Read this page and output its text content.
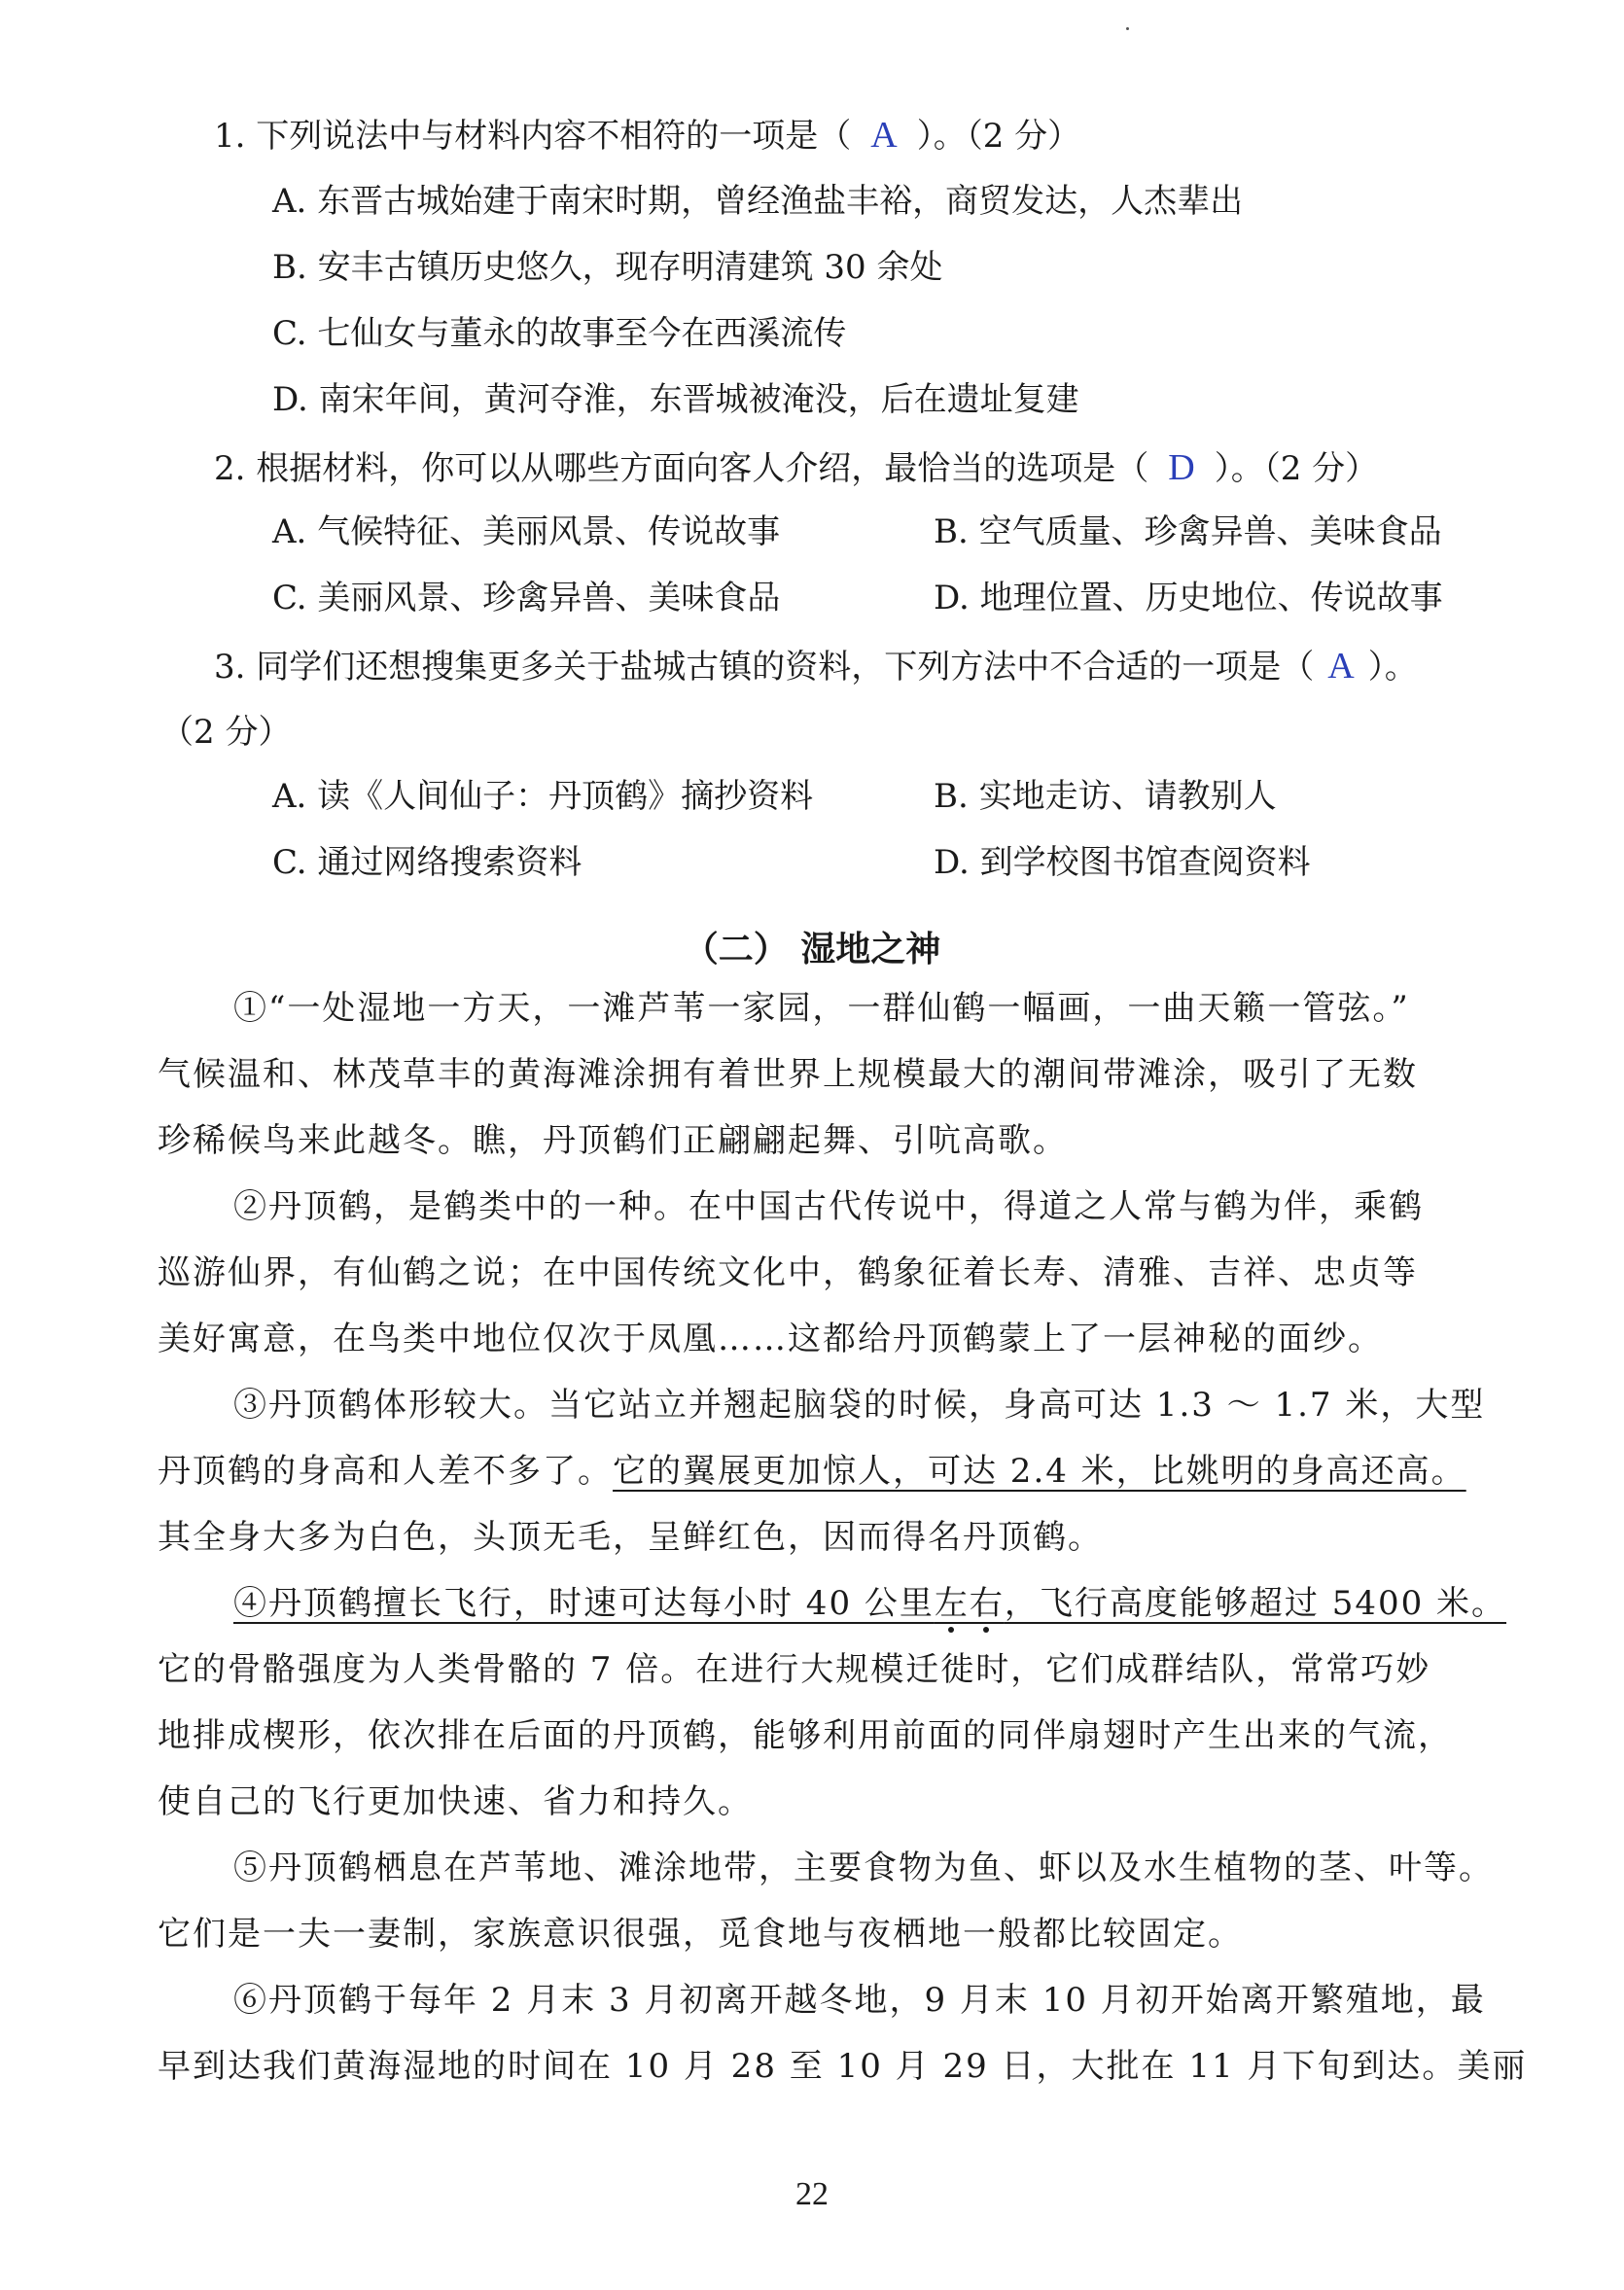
1. 下列说法中与材料内容不相符的一项是（ A ）。（2 分）
A. 东晋古城始建于南宋时期，曾经渔盐丰裕，商贸发达，人杰辈出
B. 安丰古镇历史悠久，现存明清建筑 30 余处
C. 七仙女与董永的故事至今在西溪流传
D. 南宋年间，黄河夺淮，东晋城被淹没，后在遗址复建
2. 根据材料，你可以从哪些方面向客人介绍，最恰当的选项是（ D ）。（2 分）
A. 气候特征、美丽风景、传说故事	B. 空气质量、珍禽异兽、美味食品
C. 美丽风景、珍禽异兽、美味食品	D. 地理位置、历史地位、传说故事
3. 同学们还想搜集更多关于盐城古镇的资料，下列方法中不合适的一项是（ A ）。
（2 分）
A. 读《人间仙子：丹顶鹤》摘抄资料	B. 实地走访、请教别人
C. 通过网络搜索资料	D. 到学校图书馆查阅资料
（二） 湿地之神
①“一处湿地一方天，一滩芦苇一家园，一群仙鹤一幅画，一曲天籁一管弦。”
气候温和、林茂草丰的黄海滩涂拥有着世界上规模最大的潮间带滩涂，吸引了无数
珍稀候鸟来此越冬。瞧，丹顶鹤们正翩翩起舞、引吭高歌。
②丹顶鹤，是鹤类中的一种。在中国古代传说中，得道之人常与鹤为伴，乘鹤
巡游仙界，有仙鹤之说；在中国传统文化中，鹤象征着长寿、清雅、吉祥、忠贞等
美好寓意，在鸟类中地位仅次于凤凰……这都给丹顶鹤蒙上了一层神秘的面纱。
③丹顶鹤体形较大。当它站立并翘起脑袋的时候，身高可达 1.3 ～ 1.7 米，大型
丹顶鹤的身高和人差不多了。它的翼展更加惊人，可达 2.4 米，比姚明的身高还高。
其全身大多为白色，头顶无毛，呈鲜红色，因而得名丹顶鹤。
④丹顶鹤擅长飞行，时速可达每小时 40 公里左右
，飞行高度能够超过 5400 米。
它的骨骼强度为人类骨骼的 7 倍。在进行大规模迁徙时，它们成群结队，常常巧妙
地排成楔形，依次排在后面的丹顶鹤，能够利用前面的同伴扇翅时产生出来的气流，
使自己的飞行更加快速、省力和持久。
⑤丹顶鹤栖息在芦苇地、滩涂地带，主要食物为鱼、虾以及水生植物的茎、叶等。
它们是一夫一妻制，家族意识很强，觅食地与夜栖地一般都比较固定。
⑥丹顶鹤于每年 2 月末 3 月初离开越冬地，9 月末 10 月初开始离开繁殖地，最
早到达我们黄海湿地的时间在 10 月 28 至 10 月 29 日，大批在 11 月下旬到达。美丽
22
